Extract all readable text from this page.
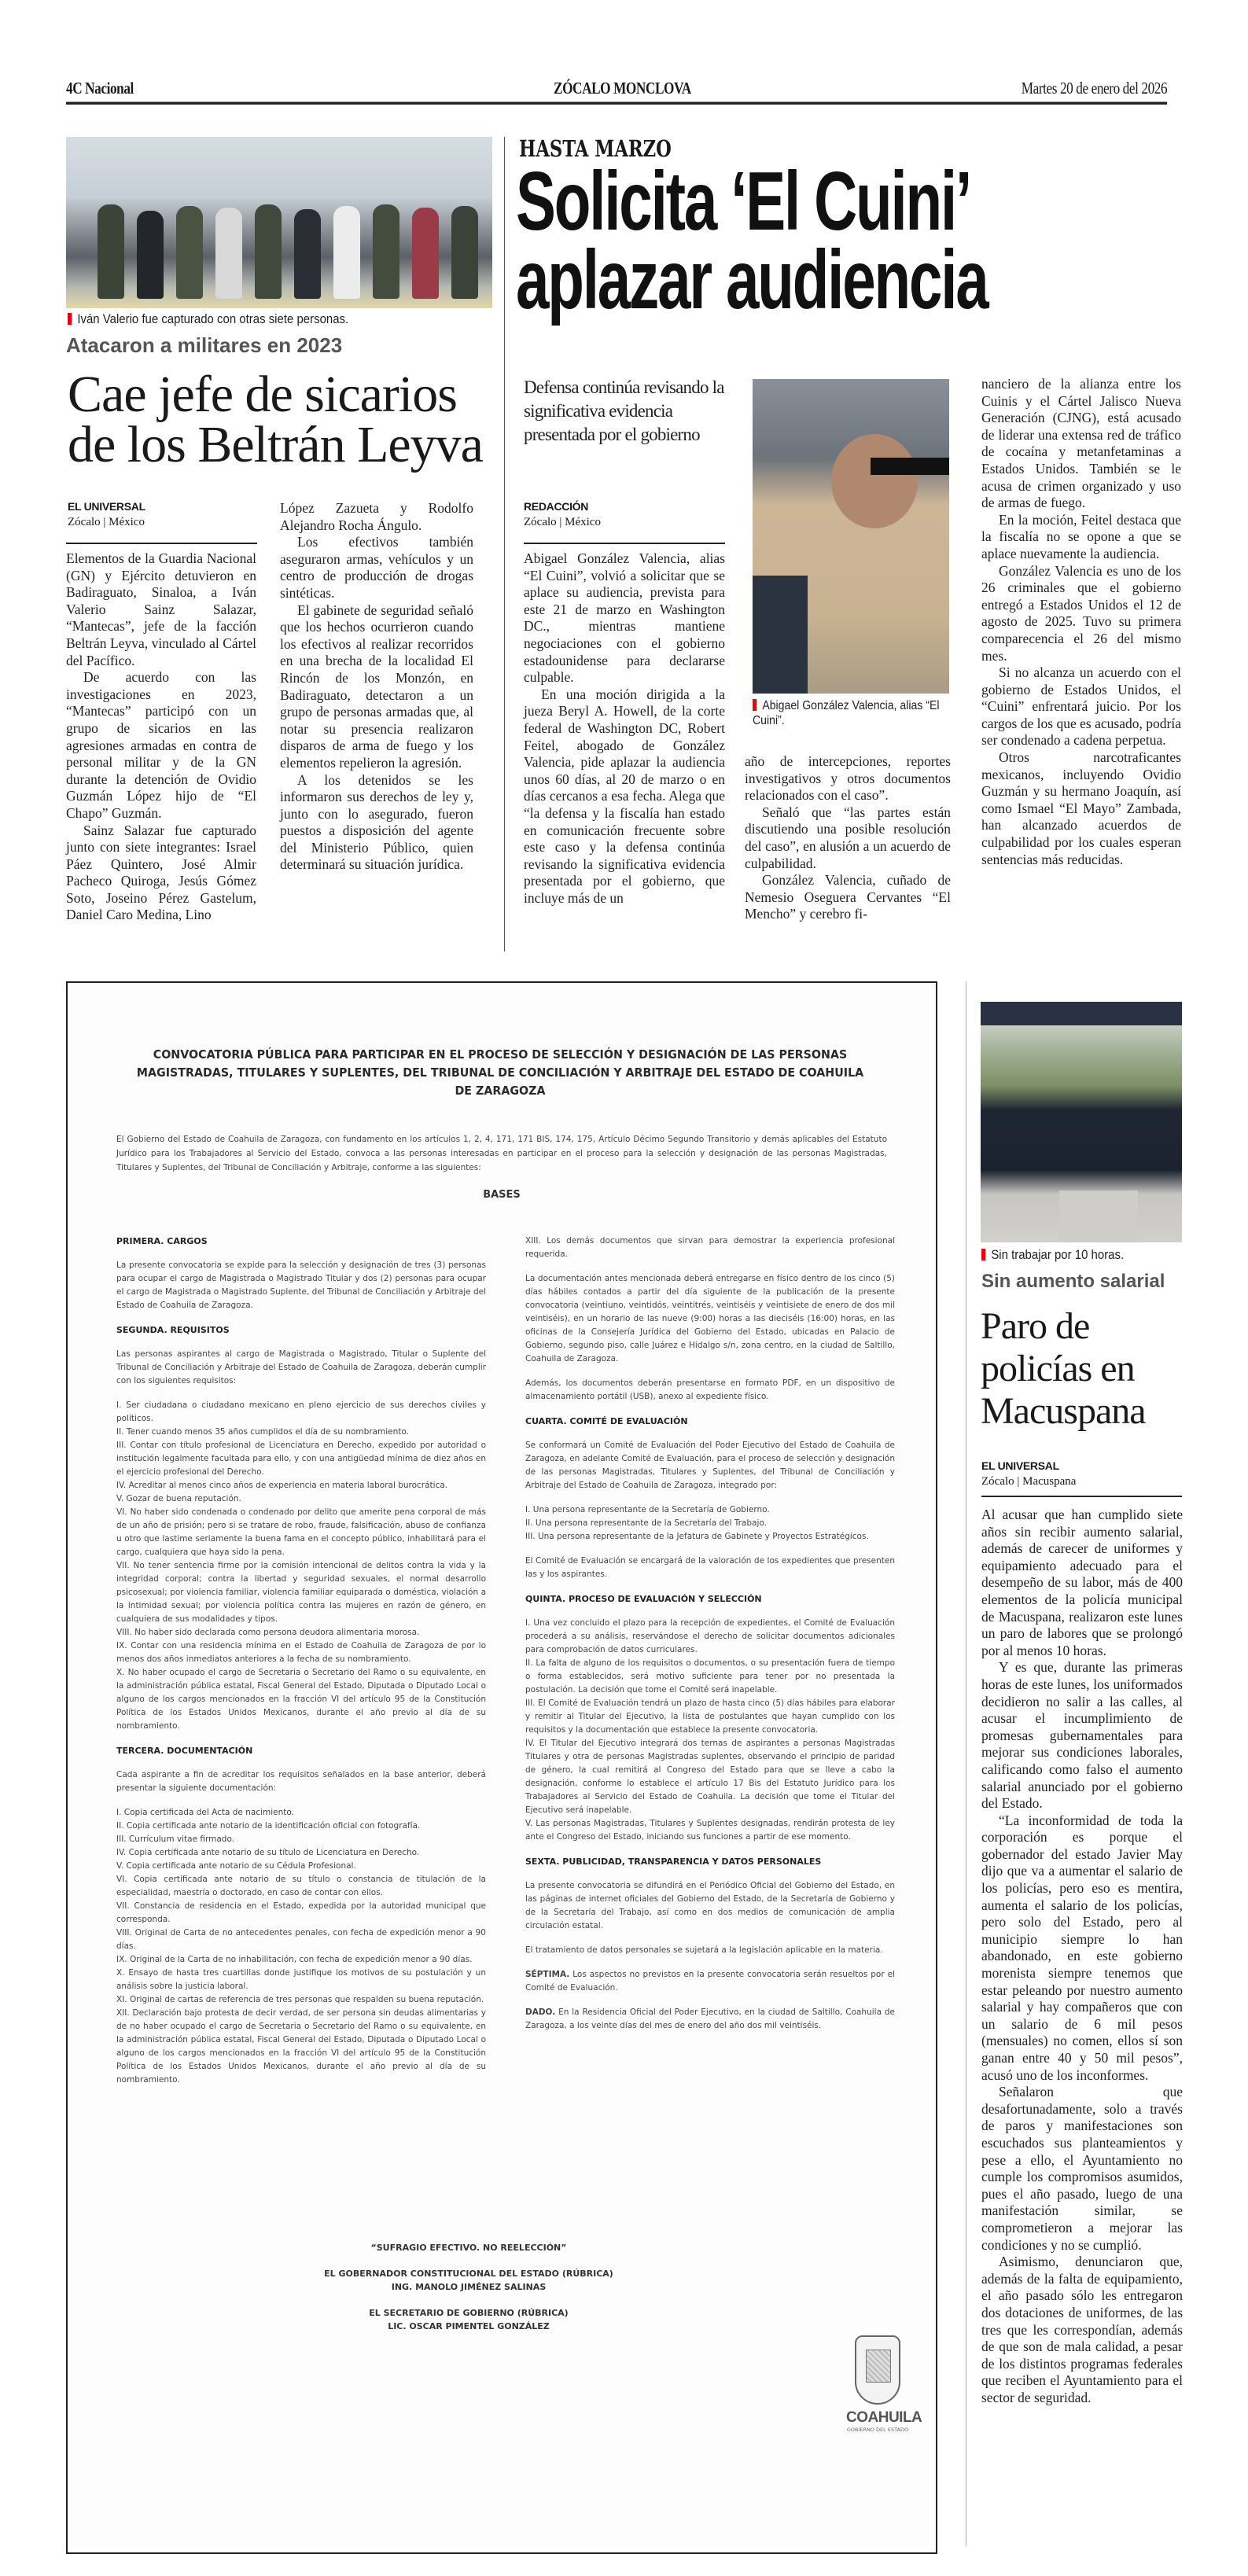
4C Nacional	ZÓCALO MONCLOVA	Martes 20 de enero del 2026
Iván Valerio fue capturado con otras siete personas.
Atacaron a militares en 2023
Cae jefe de sicarios
de los Beltrán Leyva
EL UNIVERSAL
Zócalo | México

Elementos de la Guardia Nacional (GN) y Ejército detuvieron en Badiraguato, Sinaloa, a Iván Valerio Sainz Salazar, “Mantecas”, jefe de la facción Beltrán Leyva, vinculado al Cártel del Pacífico.

De acuerdo con las investigaciones en 2023, “Mantecas” participó con un grupo de sicarios en las agresiones armadas en contra de personal militar y de la GN durante la detención de Ovidio Guzmán López hijo de “El Chapo” Guzmán.

Sainz Salazar fue capturado junto con siete integrantes: Israel Páez Quintero, José Almir Pacheco Quiroga, Jesús Gómez Soto, Joseino Pérez Gastelum, Daniel Caro Medina, Lino

López Zazueta y Rodolfo Alejandro Rocha Ángulo.

Los efectivos también aseguraron armas, vehículos y un centro de producción de drogas sintéticas.

El gabinete de seguridad señaló que los hechos ocurrieron cuando los efectivos al realizar recorridos en una brecha de la localidad El Rincón de los Monzón, en Badiraguato, detectaron a un grupo de personas armadas que, al notar su presencia realizaron disparos de arma de fuego y los elementos repelieron la agresión.

A los detenidos se les informaron sus derechos de ley y, junto con lo asegurado, fueron puestos a disposición del agente del Ministerio Público, quien determinará su situación jurídica.

HASTA MARZO
Solicita ‘El Cuini’
aplazar audiencia
Defensa continúa revisando la significativa evidencia presentada por el gobierno
REDACCIÓN
Zócalo | México
Abigael González Valencia, alias “El Cuini”.

Abigael González Valencia, alias “El Cuini”, volvió a solicitar que se aplace su audiencia, prevista para este 21 de marzo en Washington DC., mientras mantiene negociaciones con el gobierno estadounidense para declararse culpable.

En una moción dirigida a la jueza Beryl A. Howell, de la corte federal de Washington DC, Robert Feitel, abogado de González Valencia, pide aplazar la audiencia unos 60 días, al 20 de marzo o en días cercanos a esa fecha. Alega que “la defensa y la fiscalía han estado en comunicación frecuente sobre este caso y la defensa continúa revisando la significativa evidencia presentada por el gobierno, que incluye más de un

año de intercepciones, reportes investigativos y otros documentos relacionados con el caso”.

Señaló que “las partes están discutiendo una posible resolución del caso”, en alusión a un acuerdo de culpabilidad.

González Valencia, cuñado de Nemesio Oseguera Cervantes “El Mencho” y cerebro fi-

nanciero de la alianza entre los Cuinis y el Cártel Jalisco Nueva Generación (CJNG), está acusado de liderar una extensa red de tráfico de cocaína y metanfetaminas a Estados Unidos. También se le acusa de crimen organizado y uso de armas de fuego.

En la moción, Feitel destaca que la fiscalía no se opone a que se aplace nuevamente la audiencia.

González Valencia es uno de los 26 criminales que el gobierno entregó a Estados Unidos el 12 de agosto de 2025. Tuvo su primera comparecencia el 26 del mismo mes.

Si no alcanza un acuerdo con el gobierno de Estados Unidos, el “Cuini” enfrentará juicio. Por los cargos de los que es acusado, podría ser condenado a cadena perpetua.

Otros narcotraficantes mexicanos, incluyendo Ovidio Guzmán y su hermano Joaquín, así como Ismael “El Mayo” Zambada, han alcanzado acuerdos de culpabilidad por los cuales esperan sentencias más reducidas.

CONVOCATORIA PÚBLICA PARA PARTICIPAR EN EL PROCESO DE SELECCIÓN Y DESIGNACIÓN DE LAS PERSONAS MAGISTRADAS, TITULARES Y SUPLENTES, DEL TRIBUNAL DE CONCILIACIÓN Y ARBITRAJE DEL ESTADO DE COAHUILA DE ZARAGOZA
El Gobierno del Estado de Coahuila de Zaragoza, con fundamento en los artículos 1, 2, 4, 171, 171 BIS, 174, 175, Artículo Décimo Segundo Transitorio y demás aplicables del Estatuto Jurídico para los Trabajadores al Servicio del Estado, convoca a las personas interesadas en participar en el proceso para la selección y designación de las personas Magistradas, Titulares y Suplentes, del Tribunal de Conciliación y Arbitraje, conforme a las siguientes:
BASES
PRIMERA. CARGOS

La presente convocatoria se expide para la selección y designación de tres (3) personas para ocupar el cargo de Magistrada o Magistrado Titular y dos (2) personas para ocupar el cargo de Magistrada o Magistrado Suplente, del Tribunal de Conciliación y Arbitraje del Estado de Coahuila de Zaragoza.

SEGUNDA. REQUISITOS

Las personas aspirantes al cargo de Magistrada o Magistrado, Titular o Suplente del Tribunal de Conciliación y Arbitraje del Estado de Coahuila de Zaragoza, deberán cumplir con los siguientes requisitos:

I. Ser ciudadana o ciudadano mexicano en pleno ejercicio de sus derechos civiles y políticos.
II. Tener cuando menos 35 años cumplidos el día de su nombramiento.
III. Contar con título profesional de Licenciatura en Derecho, expedido por autoridad o institución legalmente facultada para ello, y con una antigüedad mínima de diez años en el ejercicio profesional del Derecho.
IV. Acreditar al menos cinco años de experiencia en materia laboral burocrática.
V. Gozar de buena reputación.
VI. No haber sido condenada o condenado por delito que amerite pena corporal de más de un año de prisión; pero si se tratare de robo, fraude, falsificación, abuso de confianza u otro que lastime seriamente la buena fama en el concepto público, inhabilitará para el cargo, cualquiera que haya sido la pena.
VII. No tener sentencia firme por la comisión intencional de delitos contra la vida y la integridad corporal; contra la libertad y seguridad sexuales, el normal desarrollo psicosexual; por violencia familiar, violencia familiar equiparada o doméstica, violación a la intimidad sexual; por violencia política contra las mujeres en razón de género, en cualquiera de sus modalidades y tipos.
VIII. No haber sido declarada como persona deudora alimentaria morosa.
IX. Contar con una residencia mínima en el Estado de Coahuila de Zaragoza de por lo menos dos años inmediatos anteriores a la fecha de su nombramiento.
X. No haber ocupado el cargo de Secretaria o Secretario del Ramo o su equivalente, en la administración pública estatal, Fiscal General del Estado, Diputada o Diputado Local o alguno de los cargos mencionados en la fracción VI del artículo 95 de la Constitución Política de los Estados Unidos Mexicanos, durante el año previo al día de su nombramiento.
TERCERA. DOCUMENTACIÓN

Cada aspirante a fin de acreditar los requisitos señalados en la base anterior, deberá presentar la siguiente documentación:

I. Copia certificada del Acta de nacimiento.
II. Copia certificada ante notario de la identificación oficial con fotografía.
III. Currículum vitae firmado.
IV. Copia certificada ante notario de su título de Licenciatura en Derecho.
V. Copia certificada ante notario de su Cédula Profesional.
VI. Copia certificada ante notario de su título o constancia de titulación de la especialidad, maestría o doctorado, en caso de contar con ellos.
VII. Constancia de residencia en el Estado, expedida por la autoridad municipal que corresponda.
VIII. Original de Carta de no antecedentes penales, con fecha de expedición menor a 90 días.
IX. Original de la Carta de no inhabilitación, con fecha de expedición menor a 90 días.
X. Ensayo de hasta tres cuartillas donde justifique los motivos de su postulación y un análisis sobre la justicia laboral.
XI. Original de cartas de referencia de tres personas que respalden su buena reputación.
XII. Declaración bajo protesta de decir verdad, de ser persona sin deudas alimentarias y de no haber ocupado el cargo de Secretaria o Secretario del Ramo o su equivalente, en la administración pública estatal, Fiscal General del Estado, Diputada o Diputado Local o alguno de los cargos mencionados en la fracción VI del artículo 95 de la Constitución Política de los Estados Unidos Mexicanos, durante el año previo al día de su nombramiento.

XIII. Los demás documentos que sirvan para demostrar la experiencia profesional requerida.

La documentación antes mencionada deberá entregarse en físico dentro de los cinco (5) días hábiles contados a partir del día siguiente de la publicación de la presente convocatoria (veintiuno, veintidós, veintitrés, veintiséis y veintisiete de enero de dos mil veintiséis), en un horario de las nueve (9:00) horas a las dieciséis (16:00) horas, en las oficinas de la Consejería Jurídica del Gobierno del Estado, ubicadas en Palacio de Gobierno, segundo piso, calle Juárez e Hidalgo s/n, zona centro, en la ciudad de Saltillo, Coahuila de Zaragoza.

Además, los documentos deberán presentarse en formato PDF, en un dispositivo de almacenamiento portátil (USB), anexo al expediente físico.

CUARTA. COMITÉ DE EVALUACIÓN

Se conformará un Comité de Evaluación del Poder Ejecutivo del Estado de Coahuila de Zaragoza, en adelante Comité de Evaluación, para el proceso de selección y designación de las personas Magistradas, Titulares y Suplentes, del Tribunal de Conciliación y Arbitraje del Estado de Coahuila de Zaragoza, integrado por:

I. Una persona representante de la Secretaría de Gobierno.
II. Una persona representante de la Secretaría del Trabajo.
III. Una persona representante de la Jefatura de Gabinete y Proyectos Estratégicos.

El Comité de Evaluación se encargará de la valoración de los expedientes que presenten las y los aspirantes.

QUINTA. PROCESO DE EVALUACIÓN Y SELECCIÓN
I. Una vez concluido el plazo para la recepción de expedientes, el Comité de Evaluación procederá a su análisis, reservándose el derecho de solicitar documentos adicionales para comprobación de datos curriculares.
II. La falta de alguno de los requisitos o documentos, o su presentación fuera de tiempo o forma establecidos, será motivo suficiente para tener por no presentada la postulación. La decisión que tome el Comité será inapelable.
III. El Comité de Evaluación tendrá un plazo de hasta cinco (5) días hábiles para elaborar y remitir al Titular del Ejecutivo, la lista de postulantes que hayan cumplido con los requisitos y la documentación que establece la presente convocatoria.
IV. El Titular del Ejecutivo integrará dos ternas de aspirantes a personas Magistradas Titulares y otra de personas Magistradas suplentes, observando el principio de paridad de género, la cual remitirá al Congreso del Estado para que se lleve a cabo la designación, conforme lo establece el artículo 17 Bis del Estatuto Jurídico para los Trabajadores al Servicio del Estado de Coahuila. La decisión que tome el Titular del Ejecutivo será inapelable.
V. Las personas Magistradas, Titulares y Suplentes designadas, rendirán protesta de ley ante el Congreso del Estado, iniciando sus funciones a partir de ese momento.
SEXTA. PUBLICIDAD, TRANSPARENCIA Y DATOS PERSONALES

La presente convocatoria se difundirá en el Periódico Oficial del Gobierno del Estado, en las páginas de internet oficiales del Gobierno del Estado, de la Secretaría de Gobierno y de la Secretaría del Trabajo, así como en dos medios de comunicación de amplia circulación estatal.

El tratamiento de datos personales se sujetará a la legislación aplicable en la materia.

SÉPTIMA. Los aspectos no previstos en la presente convocatoria serán resueltos por el Comité de Evaluación.

DADO. En la Residencia Oficial del Poder Ejecutivo, en la ciudad de Saltillo, Coahuila de Zaragoza, a los veinte días del mes de enero del año dos mil veintiséis.

“SUFRAGIO EFECTIVO. NO REELECCIÓN”

EL GOBERNADOR CONSTITUCIONAL DEL ESTADO (RÚBRICA)
ING. MANOLO JIMÉNEZ SALINAS

EL SECRETARIO DE GOBIERNO (RÚBRICA)
LIC. OSCAR PIMENTEL GONZÁLEZ

COAHUILA
GOBIERNO DEL ESTADO
Sin trabajar por 10 horas.
Sin aumento salarial
Paro de
policías en
Macuspana
EL UNIVERSAL
Zócalo | Macuspana

Al acusar que han cumplido siete años sin recibir aumento salarial, además de carecer de uniformes y equipamiento adecuado para el desempeño de su labor, más de 400 elementos de la policía municipal de Macuspana, realizaron este lunes un paro de labores que se prolongó por al menos 10 horas.

Y es que, durante las primeras horas de este lunes, los uniformados decidieron no salir a las calles, al acusar el incumplimiento de promesas gubernamentales para mejorar sus condiciones laborales, calificando como falso el aumento salarial anunciado por el gobierno del Estado.

“La inconformidad de toda la corporación es porque el gobernador del estado Javier May dijo que va a aumentar el salario de los policías, pero eso es mentira, aumenta el salario de los policías, pero solo del Estado, pero al municipio siempre lo han abandonado, en este gobierno morenista siempre tenemos que estar peleando por nuestro aumento salarial y hay compañeros que con un salario de 6 mil pesos (mensuales) no comen, ellos sí son ganan entre 40 y 50 mil pesos”, acusó uno de los inconformes.

Señalaron que desafortunadamente, solo a través de paros y manifestaciones son escuchados sus planteamientos y pese a ello, el Ayuntamiento no cumple los compromisos asumidos, pues el año pasado, luego de una manifestación similar, se comprometieron a mejorar las condiciones y no se cumplió.

Asimismo, denunciaron que, además de la falta de equipamiento, el año pasado sólo les entregaron dos dotaciones de uniformes, de las tres que les correspondían, además de que son de mala calidad, a pesar de los distintos programas federales que reciben el Ayuntamiento para el sector de seguridad.
